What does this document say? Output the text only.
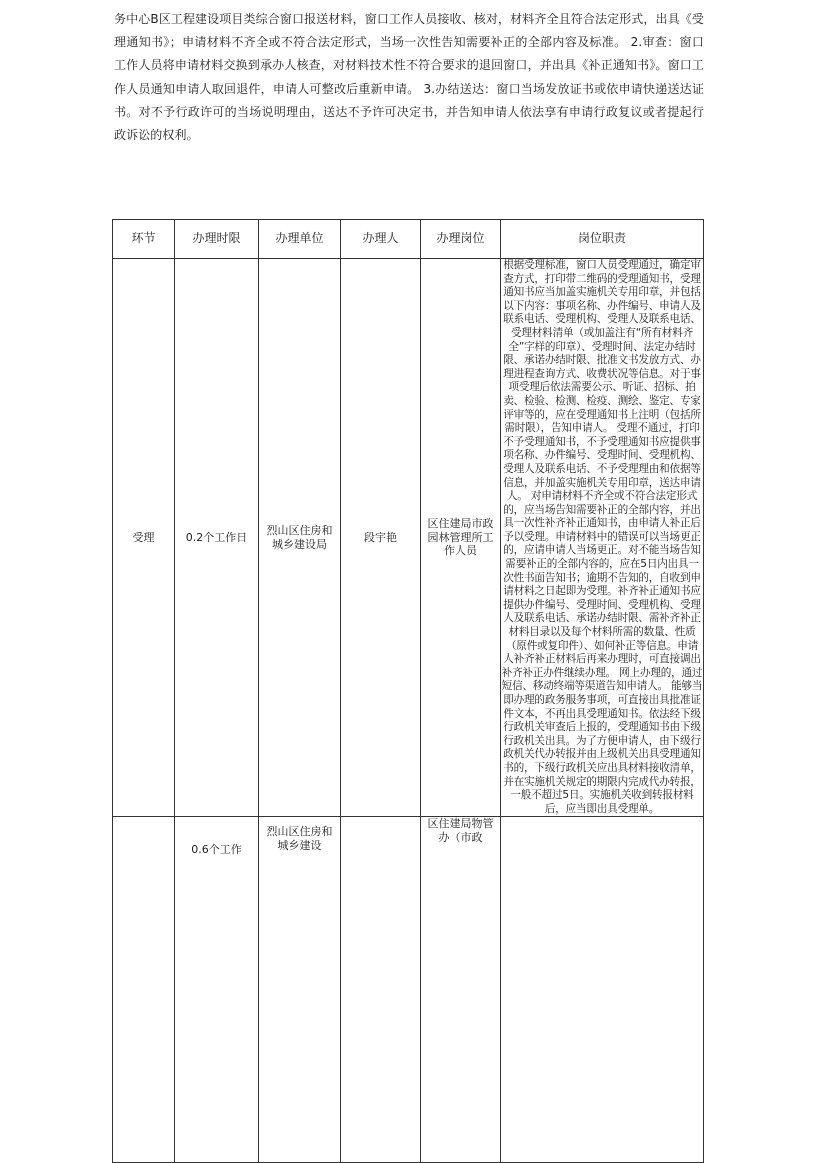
务中心B区工程建设项目类综合窗口报送材料，窗口工作人员接收、核对，材料齐全且符合法定形式，出具《受理通知书》；申请材料不齐全或不符合法定形式，当场一次性告知需要补正的全部内容及标准。 2.审查：窗口工作人员将申请材料交换到承办人核查，对材料技术性不符合要求的退回窗口，并出具《补正通知书》。窗口工作人员通知申请人取回退件，申请人可整改后重新申请。 3.办结送达：窗口当场发放证书或依申请快递送达证书。对不予行政许可的当场说明理由，送达不予许可决定书，并告知申请人依法享有申请行政复议或者提起行政诉讼的权利。

环节	办理时限	办理单位	办理人	办理岗位	岗位职责

受理	0.2个工作日	烈山区住房和城乡建设局	段宇艳	区住建局市政园林管理所工作人员	根据受理标准，窗口人员受理通过，确定审查方式，打印带二维码的受理通知书，受理通知书应当加盖实施机关专用印章，并包括以下内容：事项名称、办件编号、申请人及联系电话、受理机构、受理人及联系电话、受理材料清单（或加盖注有“所有材料齐全”字样的印章）、受理时间、法定办结时限、承诺办结时限、批准文书发放方式、办理进程查询方式、收费状况等信息。对于事项受理后依法需要公示、听证、招标、拍卖、检验、检测、检疫、测绘、鉴定、专家评审等的，应在受理通知书上注明（包括所需时限），告知申请人。 受理不通过，打印不予受理通知书，不予受理通知书应提供事项名称、办件编号、受理时间、受理机构、受理人及联系电话、不予受理理由和依据等信息，并加盖实施机关专用印章，送达申请人。 对申请材料不齐全或不符合法定形式的，应当场告知需要补正的全部内容，并出具一次性补齐补正通知书，由申请人补正后予以受理。申请材料中的错误可以当场更正的，应请申请人当场更正。对不能当场告知需要补正的全部内容的，应在5日内出具一次性书面告知书；逾期不告知的，自收到申请材料之日起即为受理。补齐补正通知书应提供办件编号、受理时间、受理机构、受理人及联系电话、承诺办结时限、需补齐补正材料目录以及每个材料所需的数量、性质（原件或复印件）、如何补正等信息。申请人补齐补正材料后再来办理时，可直接调出补齐补正办件继续办理。 网上办理的，通过短信、移动终端等渠道告知申请人。 能够当即办理的政务服务事项，可直接出具批准证件文本，不再出具受理通知书。依法经下级行政机关审查后上报的，受理通知书由下级行政机关出具。为了方便申请人，由下级行政机关代办转报并由上级机关出具受理通知书的，下级行政机关应出具材料接收清单，并在实施机关规定的期限内完成代办转报，一般不超过5日。实施机关收到转报材料后，应当即出具受理单。

	0.6个工作	烈山区住房和城乡建设		区住建局物管办（市政	
